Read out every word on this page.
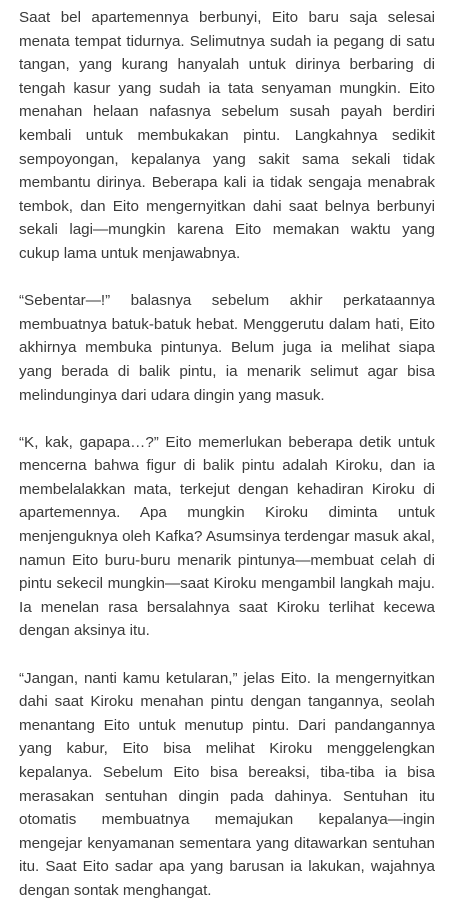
Saat bel apartemennya berbunyi, Eito baru saja selesai menata tempat tidurnya. Selimutnya sudah ia pegang di satu tangan, yang kurang hanyalah untuk dirinya berbaring di tengah kasur yang sudah ia tata senyaman mungkin. Eito menahan helaan nafasnya sebelum susah payah berdiri kembali untuk membukakan pintu. Langkahnya sedikit sempoyongan, kepalanya yang sakit sama sekali tidak membantu dirinya. Beberapa kali ia tidak sengaja menabrak tembok, dan Eito mengernyitkan dahi saat belnya berbunyi sekali lagi—mungkin karena Eito memakan waktu yang cukup lama untuk menjawabnya.

“Sebentar—!” balasnya sebelum akhir perkataannya membuatnya batuk-batuk hebat. Menggerutu dalam hati, Eito akhirnya membuka pintunya. Belum juga ia melihat siapa yang berada di balik pintu, ia menarik selimut agar bisa melindunginya dari udara dingin yang masuk.

“K, kak, gapapa…?” Eito memerlukan beberapa detik untuk mencerna bahwa figur di balik pintu adalah Kiroku, dan ia membelalakkan mata, terkejut dengan kehadiran Kiroku di apartemennya. Apa mungkin Kiroku diminta untuk menjenguknya oleh Kafka? Asumsinya terdengar masuk akal, namun Eito buru-buru menarik pintunya—membuat celah di pintu sekecil mungkin—saat Kiroku mengambil langkah maju. Ia menelan rasa bersalahnya saat Kiroku terlihat kecewa dengan aksinya itu.

“Jangan, nanti kamu ketularan,” jelas Eito. Ia mengernyitkan dahi saat Kiroku menahan pintu dengan tangannya, seolah menantang Eito untuk menutup pintu. Dari pandangannya yang kabur, Eito bisa melihat Kiroku menggelengkan kepalanya. Sebelum Eito bisa bereaksi, tiba-tiba ia bisa merasakan sentuhan dingin pada dahinya. Sentuhan itu otomatis membuatnya memajukan kepalanya—ingin mengejar kenyamanan sementara yang ditawarkan sentuhan itu. Saat Eito sadar apa yang barusan ia lakukan, wajahnya dengan sontak menghangat.
